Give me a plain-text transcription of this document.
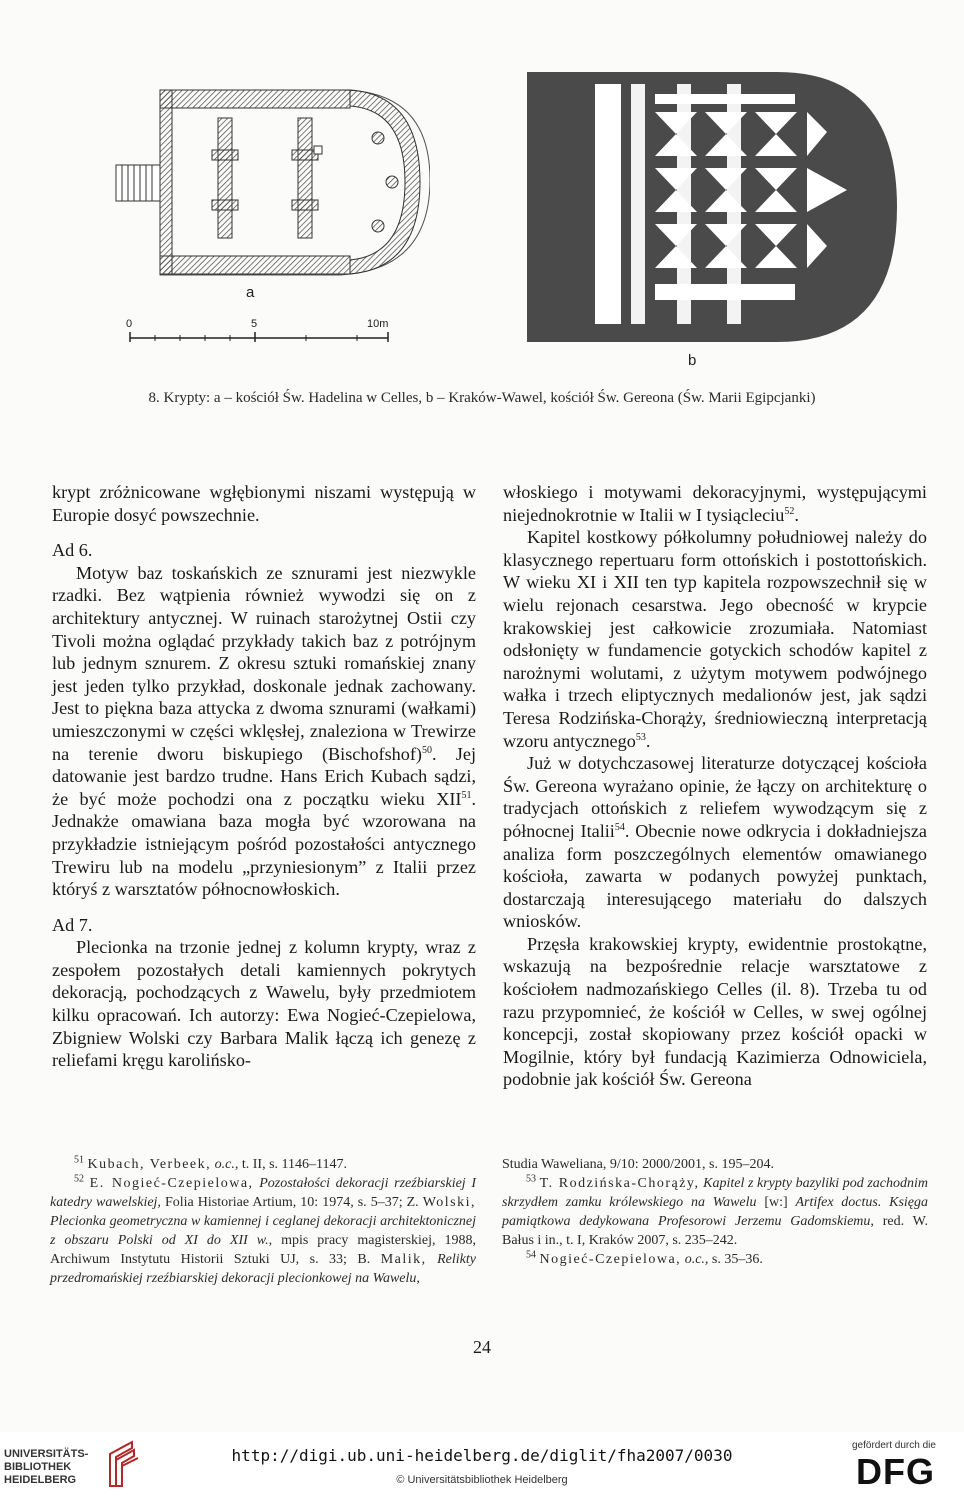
a
0	5	10m
b
8. Krypty: a – kościół Św. Hadelina w Celles, b – Kraków-Wawel, kościół Św. Gereona (Św. Marii Egipcjanki)

krypt zróżnicowane wgłębionymi niszami występują w Europie dosyć powszechnie.

Ad 6.

Motyw baz toskańskich ze sznurami jest niezwykle rzadki. Bez wątpienia również wywodzi się on z architektury antycznej. W ruinach starożytnej Ostii czy Tivoli można oglądać przykłady takich baz z potrójnym lub jednym sznurem. Z okresu sztuki romańskiej znany jest jeden tylko przykład, doskonale jednak zachowany. Jest to piękna baza attycka z dwoma sznurami (wałkami) umieszczonymi w części wklęsłej, znaleziona w Trewirze na terenie dworu biskupiego (Bischofshof)$^{50}$. Jej datowanie jest bardzo trudne. Hans Erich Kubach sądzi, że być może pochodzi ona z początku wieku XII$^{51}$. Jednakże omawiana baza mogła być wzorowana na przykładzie istniejącym pośród pozostałości antycznego Trewiru lub na modelu „przyniesionym” z Italii przez któryś z warsztatów północnowłoskich.

Ad 7.

Plecionka na trzonie jednej z kolumn krypty, wraz z zespołem pozostałych detali kamiennych pokrytych dekoracją, pochodzących z Wawelu, były przedmiotem kilku opracowań. Ich autorzy: Ewa Nogieć-Czepielowa, Zbigniew Wolski czy Barbara Malik łączą ich genezę z reliefami kręgu karolińsko-

włoskiego i motywami dekoracyjnymi, występującymi niejednokrotnie w Italii w I tysiącleciu$^{52}$.

Kapitel kostkowy półkolumny południowej należy do klasycznego repertuaru form ottońskich i postottońskich. W wieku XI i XII ten typ kapitela rozpowszechnił się w wielu rejonach cesarstwa. Jego obecność w krypcie krakowskiej jest całkowicie zrozumiała. Natomiast odsłonięty w fundamencie gotyckich schodów kapitel z narożnymi wolutami, z użytym motywem podwójnego wałka i trzech eliptycznych medalionów jest, jak sądzi Teresa Rodzińska-Chorąży, średniowieczną interpretacją wzoru antycznego$^{53}$.

Już w dotychczasowej literaturze dotyczącej kościoła Św. Gereona wyrażano opinie, że łączy on architekturę o tradycjach ottońskich z reliefem wywodzącym się z północnej Italii$^{54}$. Obecnie nowe odkrycia i dokładniejsza analiza form poszczególnych elementów omawianego kościoła, zawarta w podanych powyżej punktach, dostarczają interesującego materiału do dalszych wniosków.

Przęsła krakowskiej krypty, ewidentnie prostokątne, wskazują na bezpośrednie relacje warsztatowe z kościołem nadmozańskiego Celles (il. 8). Trzeba tu od razu przypomnieć, że kościół w Celles, w swej ogólnej koncepcji, został skopiowany przez kościół opacki w Mogilnie, który był fundacją Kazimierza Odnowiciela, podobnie jak kościół Św. Gereona

$^{51}$ Kubach, Verbeek, o.c., t. II, s. 1146–1147.

$^{52}$ E. Nogieć-Czepielowa, Pozostałości dekoracji rzeźbiarskiej I katedry wawelskiej, Folia Historiae Artium, 10: 1974, s. 5–37; Z. Wolski, Plecionka geometryczna w kamiennej i ceglanej dekoracji architektonicznej z obszaru Polski od XI do XII w., mpis pracy magisterskiej, 1988, Archiwum Instytutu Historii Sztuki UJ, s. 33; B. Malik, Relikty przedromańskiej rzeźbiarskiej dekoracji plecionkowej na Wawelu,

Studia Waweliana, 9/10: 2000/2001, s. 195–204.

$^{53}$ T. Rodzińska-Chorąży, Kapitel z krypty bazyliki pod zachodnim skrzydłem zamku królewskiego na Wawelu [w:] Artifex doctus. Księga pamiątkowa dedykowana Profesorowi Jerzemu Gadomskiemu, red. W. Bałus i in., t. I, Kraków 2007, s. 235–242.

$^{54}$ Nogieć-Czepielowa, o.c., s. 35–36.

24
UNIVERSITÄTS-
BIBLIOTHEK
HEIDELBERG
http://digi.ub.uni-heidelberg.de/diglit/fha2007/0030
© Universitätsbibliothek Heidelberg
gefördert durch die
DFG
